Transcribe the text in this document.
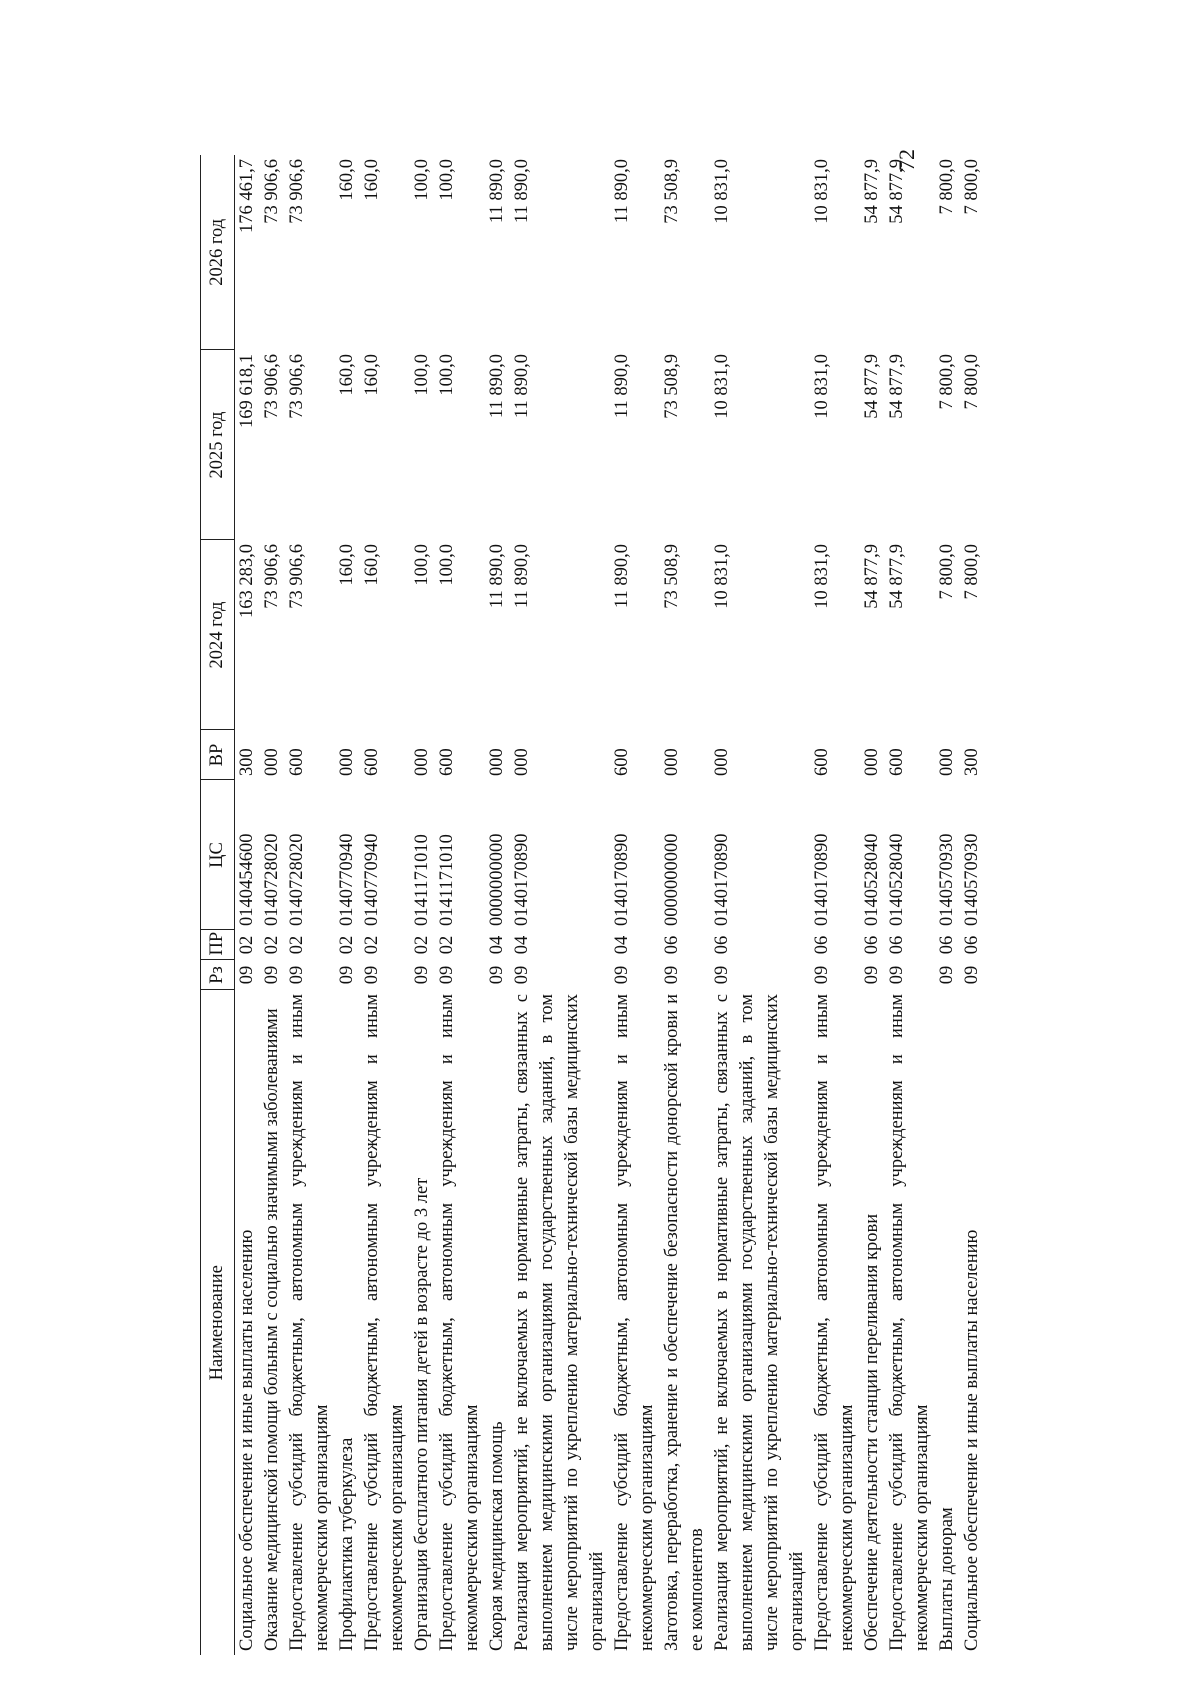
72
Наименование	Рз	ПР	ЦС	ВР	2024 год	2025 год	2026 год
Социальное обеспечение и иные выплаты населению	09	02	0140454600	300	163 283,0	169 618,1	176 461,7
Оказание медицинской помощи больным с социально значимыми заболеваниями	09	02	0140728020	000	73 906,6	73 906,6	73 906,6
Предоставление субсидий бюджетным, автономным учреждениям и иным некоммерческим организациям	09	02	0140728020	600	73 906,6	73 906,6	73 906,6
Профилактика туберкулеза	09	02	0140770940	000	160,0	160,0	160,0
Предоставление субсидий бюджетным, автономным учреждениям и иным некоммерческим организациям	09	02	0140770940	600	160,0	160,0	160,0
Организация бесплатного питания детей в возрасте до 3 лет	09	02	0141171010	000	100,0	100,0	100,0
Предоставление субсидий бюджетным, автономным учреждениям и иным некоммерческим организациям	09	02	0141171010	600	100,0	100,0	100,0
Скорая медицинская помощь	09	04	0000000000	000	11 890,0	11 890,0	11 890,0
Реализация мероприятий, не включаемых в нормативные затраты, связанных с выполнением медицинскими организациями государственных заданий, в том числе мероприятий по укреплению материально-технической базы медицинских организаций	09	04	0140170890	000	11 890,0	11 890,0	11 890,0
Предоставление субсидий бюджетным, автономным учреждениям и иным некоммерческим организациям	09	04	0140170890	600	11 890,0	11 890,0	11 890,0
Заготовка, переработка, хранение и обеспечение безопасности донорской крови и ее компонентов	09	06	0000000000	000	73 508,9	73 508,9	73 508,9
Реализация мероприятий, не включаемых в нормативные затраты, связанных с выполнением медицинскими организациями государственных заданий, в том числе мероприятий по укреплению материально-технической базы медицинских организаций	09	06	0140170890	000	10 831,0	10 831,0	10 831,0
Предоставление субсидий бюджетным, автономным учреждениям и иным некоммерческим организациям	09	06	0140170890	600	10 831,0	10 831,0	10 831,0
Обеспечение деятельности станции переливания крови	09	06	0140528040	000	54 877,9	54 877,9	54 877,9
Предоставление субсидий бюджетным, автономным учреждениям и иным некоммерческим организациям	09	06	0140528040	600	54 877,9	54 877,9	54 877,9
Выплаты донорам	09	06	0140570930	000	7 800,0	7 800,0	7 800,0
Социальное обеспечение и иные выплаты населению	09	06	0140570930	300	7 800,0	7 800,0	7 800,0
